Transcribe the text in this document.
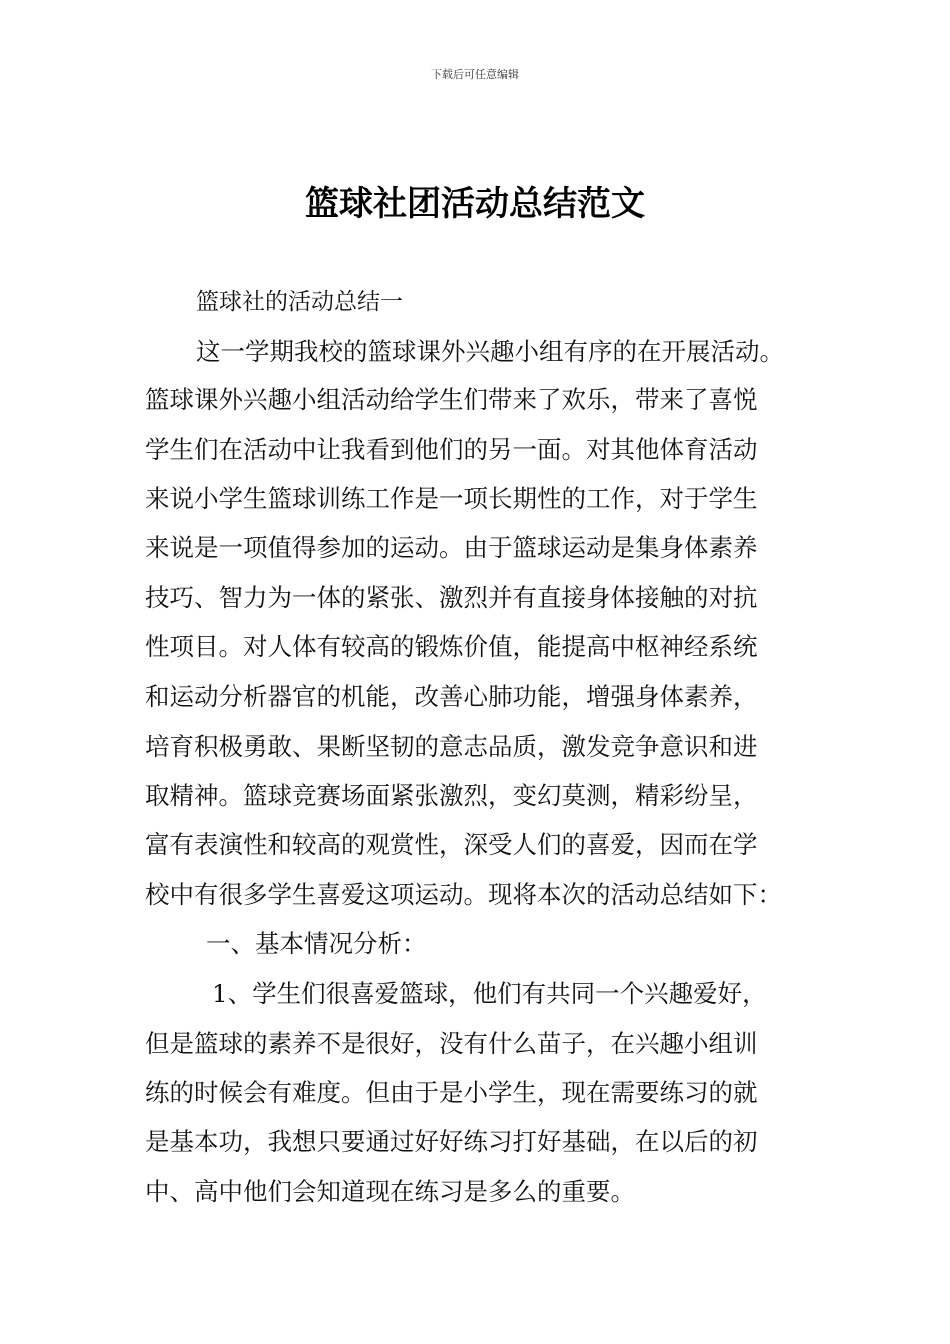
下载后可任意编辑
篮球社团活动总结范文
篮球社的活动总结一
这一学期我校的篮球课外兴趣小组有序的在开展活动。
篮球课外兴趣小组活动给学生们带来了欢乐，带来了喜悦
学生们在活动中让我看到他们的另一面。对其他体育活动
来说小学生篮球训练工作是一项长期性的工作，对于学生
来说是一项值得参加的运动。由于篮球运动是集身体素养
技巧、智力为一体的紧张、激烈并有直接身体接触的对抗
性项目。对人体有较高的锻炼价值，能提高中枢神经系统
和运动分析器官的机能，改善心肺功能，增强身体素养，
培育积极勇敢、果断坚韧的意志品质，激发竞争意识和进
取精神。篮球竞赛场面紧张激烈，变幻莫测，精彩纷呈，
富有表演性和较高的观赏性，深受人们的喜爱，因而在学
校中有很多学生喜爱这项运动。现将本次的活动总结如下：
一、基本情况分析：
1、学生们很喜爱篮球，他们有共同一个兴趣爱好，
但是篮球的素养不是很好，没有什么苗子，在兴趣小组训
练的时候会有难度。但由于是小学生，现在需要练习的就
是基本功，我想只要通过好好练习打好基础，在以后的初
中、高中他们会知道现在练习是多么的重要。
